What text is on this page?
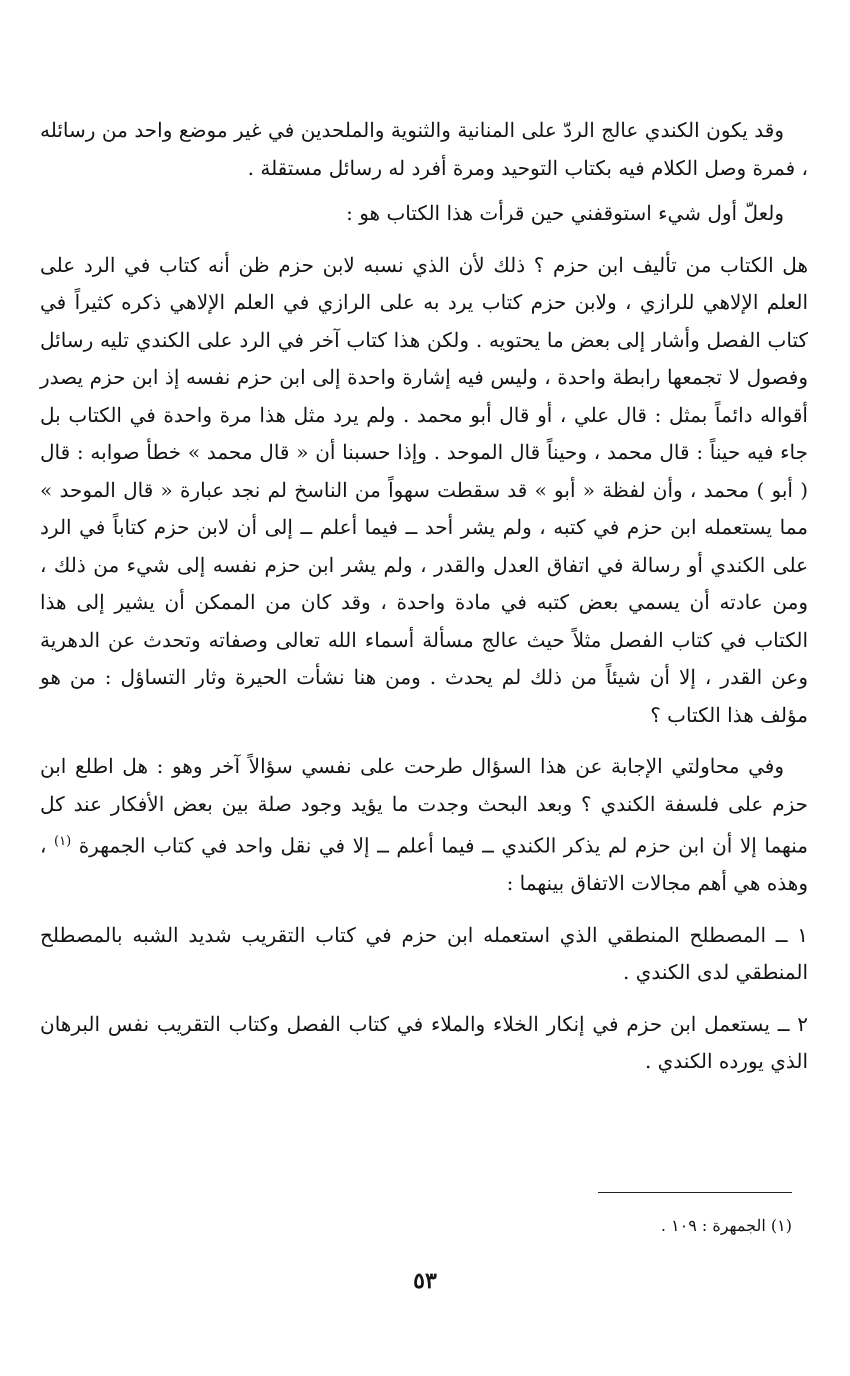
وقد يكون الكندي عالج الردّ على المنانية والثنوية والملحدين في غير موضع واحد من رسائله ، فمرة وصل الكلام فيه بكتاب التوحيد ومرة أفرد له رسائل مستقلة .

ولعلّ أول شيء استوقفني حين قرأت هذا الكتاب هو :

هل الكتاب من تأليف ابن حزم ؟ ذلك لأن الذي نسبه لابن حزم ظن أنه كتاب في الرد على العلم الإلاهي للرازي ، ولابن حزم كتاب يرد به على الرازي في العلم الإلاهي ذكره كثيراً في كتاب الفصل وأشار إلى بعض ما يحتويه . ولكن هذا كتاب آخر في الرد على الكندي تليه رسائل وفصول لا تجمعها رابطة واحدة ، وليس فيه إشارة واحدة إلى ابن حزم نفسه إذ ابن حزم يصدر أقواله دائماً بمثل : قال علي ، أو قال أبو محمد . ولم يرد مثل هذا مرة واحدة في الكتاب بل جاء فيه حيناً : قال محمد ، وحيناً قال الموحد . وإذا حسبنا أن « قال محمد » خطأ صوابه : قال ( أبو ) محمد ، وأن لفظة « أبو » قد سقطت سهواً من الناسخ لم نجد عبارة « قال الموحد » مما يستعمله ابن حزم في كتبه ، ولم يشر أحد ــ فيما أعلم ــ إلى أن لابن حزم كتاباً في الرد على الكندي أو رسالة في اتفاق العدل والقدر ، ولم يشر ابن حزم نفسه إلى شيء من ذلك ، ومن عادته أن يسمي بعض كتبه في مادة واحدة ، وقد كان من الممكن أن يشير إلى هذا الكتاب في كتاب الفصل مثلاً حيث عالج مسألة أسماء الله تعالى وصفاته وتحدث عن الدهرية وعن القدر ، إلا أن شيئاً من ذلك لم يحدث . ومن هنا نشأت الحيرة وثار التساؤل : من هو مؤلف هذا الكتاب ؟

وفي محاولتي الإجابة عن هذا السؤال طرحت على نفسي سؤالاً آخر وهو : هل اطلع ابن حزم على فلسفة الكندي ؟ وبعد البحث وجدت ما يؤيد وجود صلة بين بعض الأفكار عند كل منهما إلا أن ابن حزم لم يذكر الكندي ــ فيما أعلم ــ إلا في نقل واحد في كتاب الجمهرة $^{(١)}$ ، وهذه هي أهم مجالات الاتفاق بينهما :

١ ــ المصطلح المنطقي الذي استعمله ابن حزم في كتاب التقريب شديد الشبه بالمصطلح المنطقي لدى الكندي .

٢ ــ يستعمل ابن حزم في إنكار الخلاء والملاء في كتاب الفصل وكتاب التقريب نفس البرهان الذي يورده الكندي .

(١) الجمهرة : ١٠٩ .
٥٣
